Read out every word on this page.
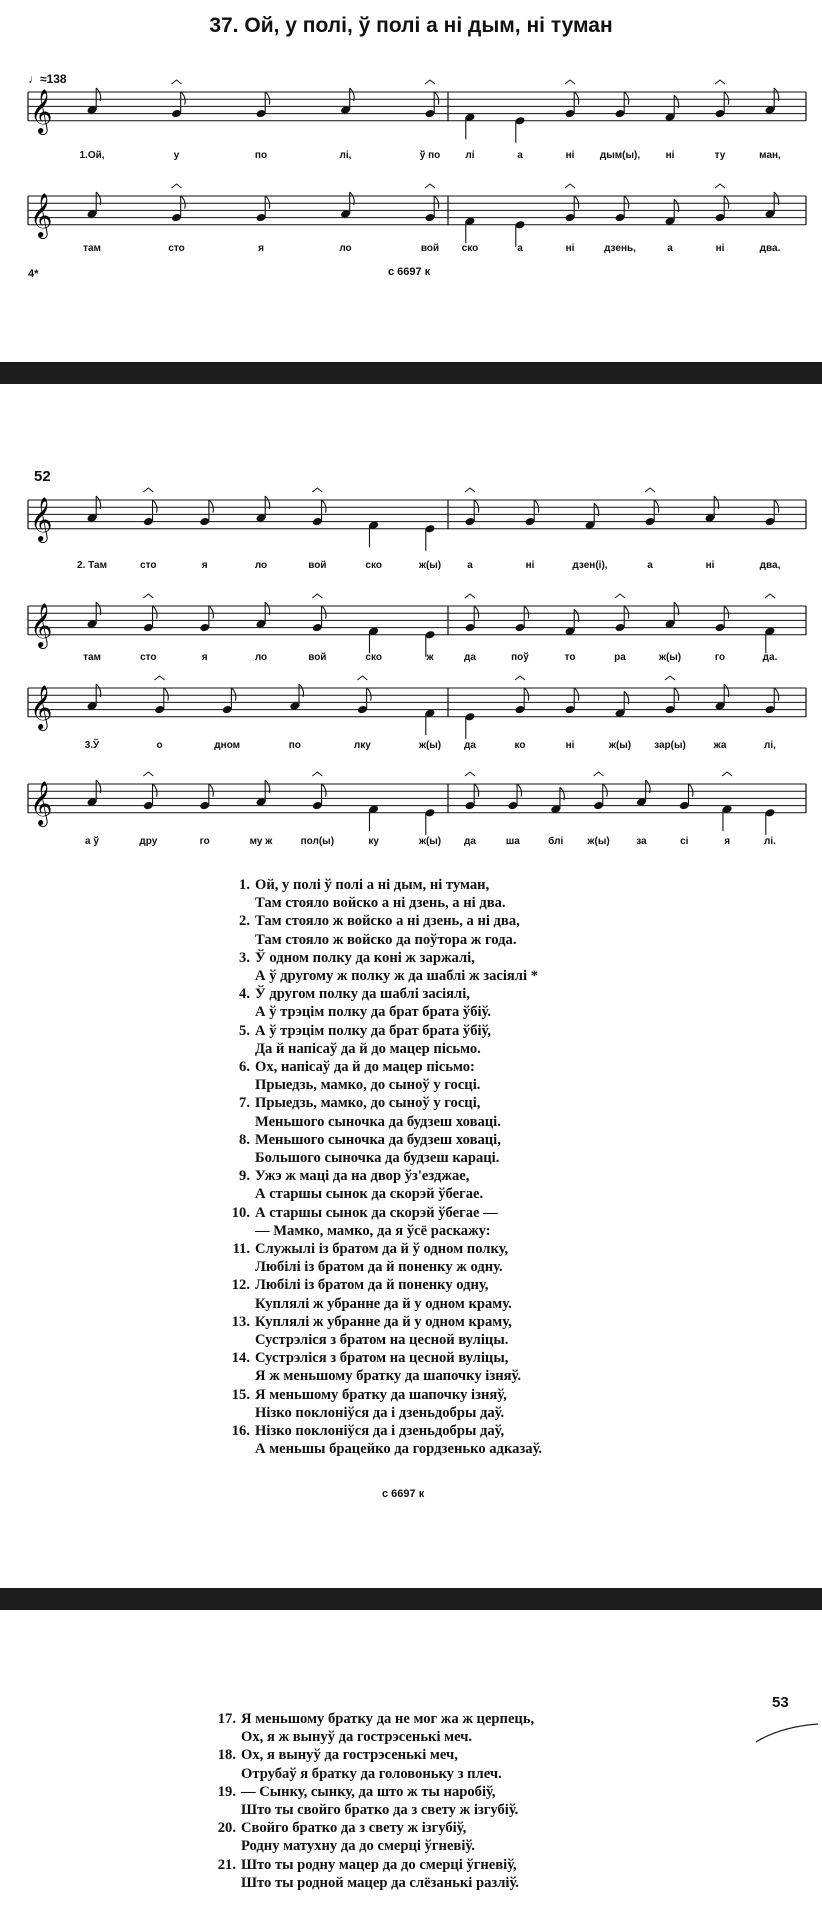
37. Ой, у полі, ў полі а ні дым, ні туман
♩≈138
𝄞
1.Ой,	у	по	лі,	ў по	лі	а	ні	дым(ы),	ні	ту	ман,
𝄞
там	сто	я	ло	вой ско	а	ні	дзень,	а	ні	два.
4*	с 6697 к
52
𝄞
2. Там	сто	я	ло	вой	ско	ж(ы)	а	ні	дзен(і),	а	ні	два,
𝄞
там	сто	я	ло	вой	ско	ж	да	поў	то	ра	ж(ы)	го	да.
𝄞
3.Ў	о	дном	по	лку	ж(ы) да	ко	ні	ж(ы) зар(ы)	жа	лі,
𝄞
а ў	дру	го	му ж	пол(ы)	ку	ж(ы) да	ша	блі ж(ы)	за	сі	я	лі.
1. Ой, у полі ў полі а ні дым, ні туман,
Там стояло войско а ні дзень, а ні два.
2. Там стояло ж войско а ні дзень, а ні два,
Там стояло ж войско да поўтора ж года.
3. Ў одном полку да коні ж заржалі,
А ў другому ж полку ж да шаблі ж засіялі *
4. Ў другом полку да шаблі засіялі,
А ў трэцім полку да брат брата ўбіў.
5. А ў трэцім полку да брат брата ўбіў,
Да й напісаў да й до мацер пісьмо.
6. Ох, напісаў да й до мацер пісьмо:
Прыедзь, мамко, до сыноў у госці.
7. Прыедзь, мамко, до сыноў у госці,
Меньшого сыночка да будзеш ховаці.
8. Меньшого сыночка да будзеш ховаці,
Большого сыночка да будзеш караці.
9. Ужэ ж маці да на двор ўз'езджае,
А старшы сынок да скорэй ўбегае.
10. А старшы сынок да скорэй ўбегае —
— Мамко, мамко, да я ўсё раскажу:
11. Служылі із братом да й ў одном полку,
Любілі із братом да й поненку ж одну.
12. Любілі із братом да й поненку одну,
Куплялі ж убранне да й у одном краму.
13. Куплялі ж убранне да й у одном краму,
Сустрэліся з братом на цесной вуліцы.
14. Сустрэліся з братом на цесной вуліцы,
Я ж меньшому братку да шапочку ізняў.
15. Я меньшому братку да шапочку ізняў,
Нізко поклоніўся да і дзеньдобры даў.
16. Нізко поклоніўся да і дзеньдобры даў,
А меньшы брацейко да гордзенько адказаў.
с 6697 к
53
17. Я меньшому братку да не мог жа ж церпець,
Ох, я ж вынуў да гострэсенькі меч.
18. Ох, я вынуў да гострэсенькі меч,
Отрубаў я братку да головоньку з плеч.
19. — Сынку, сынку, да што ж ты наробіў,
Што ты свойго братко да з свету ж ізгубіў.
20. Свойго братко да з свету ж ізгубіў,
Родну матухну да до смерці ўгневіў.
21. Што ты родну мацер да до смерці ўгневіў,
Што ты родной мацер да слёзанькі разліў.
